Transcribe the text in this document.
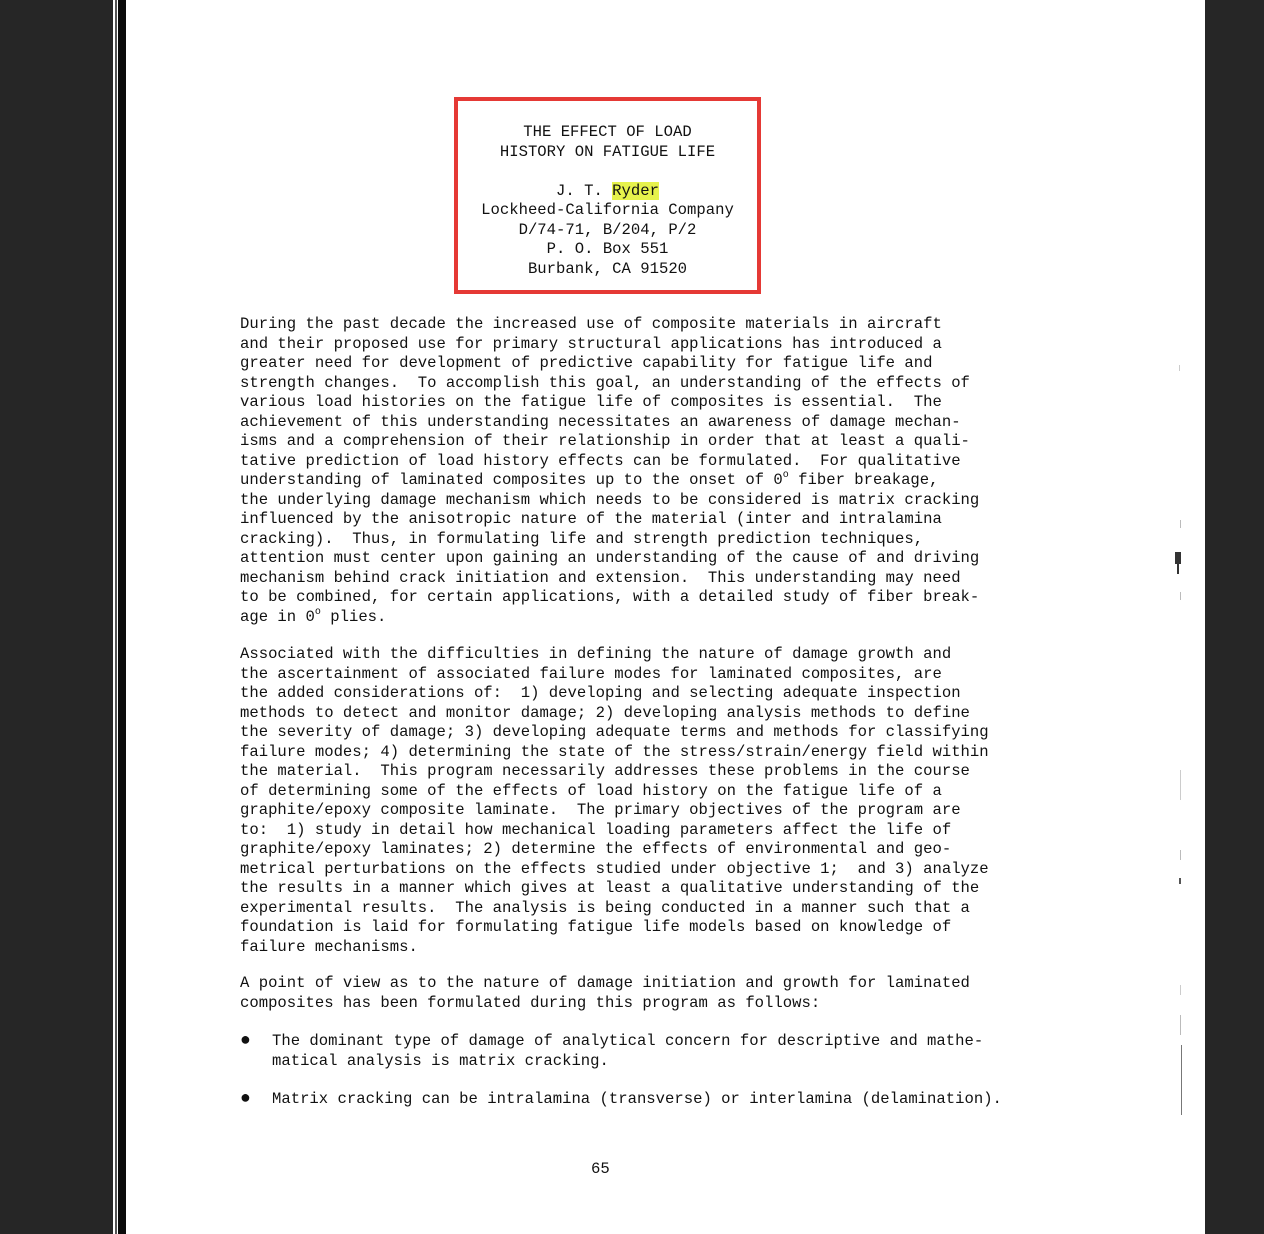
THE EFFECT OF LOAD
HISTORY ON FATIGUE LIFE
J. T. Ryder
Lockheed-California Company
D/74-71, B/204, P/2
P. O. Box 551
Burbank, CA 91520
During the past decade the increased use of composite materials in aircraft
and their proposed use for primary structural applications has introduced a
greater need for development of predictive capability for fatigue life and
strength changes.  To accomplish this goal, an understanding of the effects of
various load histories on the fatigue life of composites is essential.  The
achievement of this understanding necessitates an awareness of damage mechan-
isms and a comprehension of their relationship in order that at least a quali-
tative prediction of load history effects can be formulated.  For qualitative
understanding of laminated composites up to the onset of 0$^o$ fiber breakage,
the underlying damage mechanism which needs to be considered is matrix cracking
influenced by the anisotropic nature of the material (inter and intralamina
cracking).  Thus, in formulating life and strength prediction techniques,
attention must center upon gaining an understanding of the cause of and driving
mechanism behind crack initiation and extension.  This understanding may need
to be combined, for certain applications, with a detailed study of fiber break-
age in 0$^o$ plies.
Associated with the difficulties in defining the nature of damage growth and
the ascertainment of associated failure modes for laminated composites, are
the added considerations of:  1) developing and selecting adequate inspection
methods to detect and monitor damage; 2) developing analysis methods to define
the severity of damage; 3) developing adequate terms and methods for classifying
failure modes; 4) determining the state of the stress/strain/energy field within
the material.  This program necessarily addresses these problems in the course
of determining some of the effects of load history on the fatigue life of a
graphite/epoxy composite laminate.  The primary objectives of the program are
to:  1) study in detail how mechanical loading parameters affect the life of
graphite/epoxy laminates; 2) determine the effects of environmental and geo-
metrical perturbations on the effects studied under objective 1;  and 3) analyze
the results in a manner which gives at least a qualitative understanding of the
experimental results.  The analysis is being conducted in a manner such that a
foundation is laid for formulating fatigue life models based on knowledge of
failure mechanisms.
A point of view as to the nature of damage initiation and growth for laminated
composites has been formulated during this program as follows:
● The dominant type of damage of analytical concern for descriptive and mathe-
matical analysis is matrix cracking.
● Matrix cracking can be intralamina (transverse) or interlamina (delamination).
65
